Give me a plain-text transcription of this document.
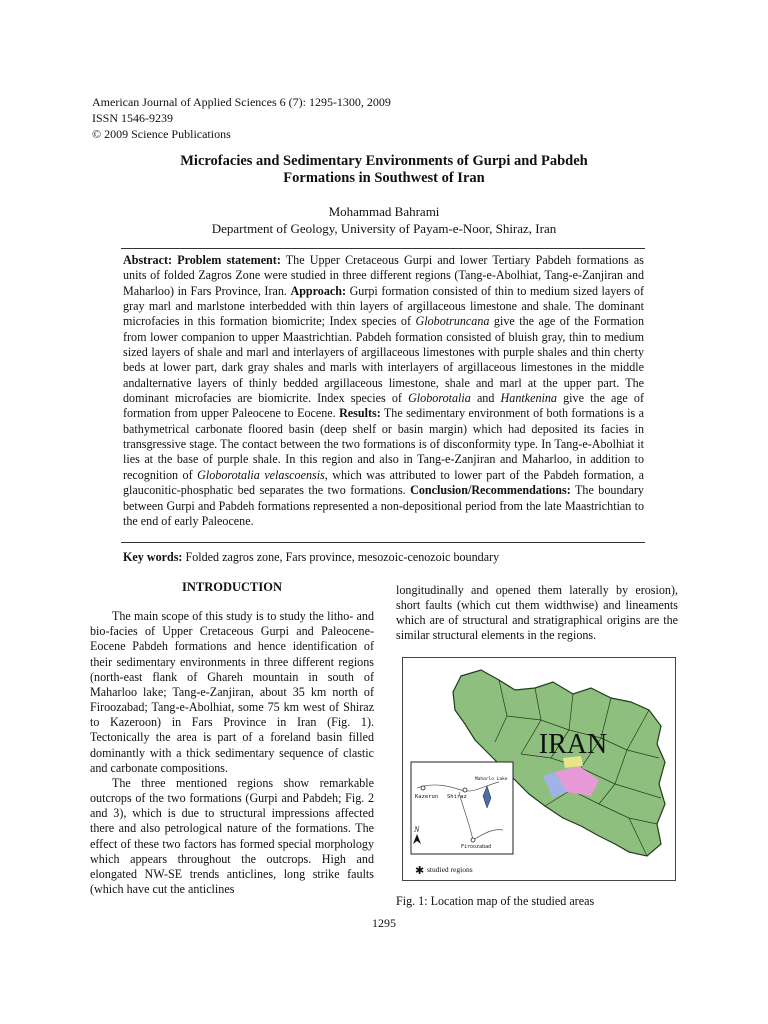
American Journal of Applied Sciences 6 (7): 1295-1300, 2009
ISSN 1546-9239
© 2009 Science Publications
Microfacies and Sedimentary Environments of Gurpi and Pabdeh
Formations in Southwest of Iran
Mohammad Bahrami
Department of Geology, University of Payam-e-Noor, Shiraz, Iran
Abstract: Problem statement: The Upper Cretaceous Gurpi and lower Tertiary Pabdeh formations as units of folded Zagros Zone were studied in three different regions (Tang-e-Abolhiat, Tang-e-Zanjiran and Maharloo) in Fars Province, Iran. Approach: Gurpi formation consisted of thin to medium sized layers of gray marl and marlstone interbedded with thin layers of argillaceous limestone and shale. The dominant microfacies in this formation biomicrite; Index species of Globotruncana give the age of the Formation from lower companion to upper Maastrichtian. Pabdeh formation consisted of bluish gray, thin to medium sized layers of shale and marl and interlayers of argillaceous limestones with purple shales and thin cherty beds at lower part, dark gray shales and marls with interlayers of argillaceous limestones in the middle andalternative layers of thinly bedded argillaceous limestone, shale and marl at the upper part. The dominant microfacies are biomicrite. Index species of Globorotalia and Hantkenina give the age of formation from upper Paleocene to Eocene. Results: The sedimentary environment of both formations is a bathymetrical carbonate floored basin (deep shelf or basin margin) which had deposited its facies in transgressive stage. The contact between the two formations is of disconformity type. In Tang-e-Abolhiat it lies at the base of purple shale. In this region and also in Tang-e-Zanjiran and Maharloo, in addition to recognition of Globorotalia velascoensis, which was attributed to lower part of the Pabdeh formation, a glauconitic-phosphatic bed separates the two formations. Conclusion/Recommendations: The boundary between Gurpi and Pabdeh formations represented a non-depositional period from the late Maastrichtian to the end of early Paleocene.
Key words: Folded zagros zone, Fars province, mesozoic-cenozoic boundary
INTRODUCTION

The main scope of this study is to study the litho- and bio-facies of Upper Cretaceous Gurpi and Paleocene-Eocene Pabdeh formations and hence identification of their sedimentary environments in three different regions (north-east flank of Ghareh mountain in south of Maharloo lake; Tang-e-Zanjiran, about 35 km north of Firoozabad; Tang-e-Abolhiat, some 75 km west of Shiraz to Kazeroon) in Fars Province in Iran (Fig. 1). Tectonically the area is part of a foreland basin filled dominantly with a thick sedimentary sequence of clastic and carbonate compositions.

The three mentioned regions show remarkable outcrops of the two formations (Gurpi and Pabdeh; Fig. 2 and 3), which is due to structural impressions affected there and also petrological nature of the formations. The effect of these two factors has formed special morphology which appears throughout the outcrops. High and elongated NW-SE trends anticlines, long strike faults (which have cut the anticlines

longitudinally and opened them laterally by erosion), short faults (which cut them widthwise) and lineaments which are of structural and stratigraphical origins are the similar structural elements in the regions.

IRAN
Kazerun Shiraz
Maharlo Lake
Firoozabad
N
✱ studied regions
Fig. 1: Location map of the studied areas
1295
